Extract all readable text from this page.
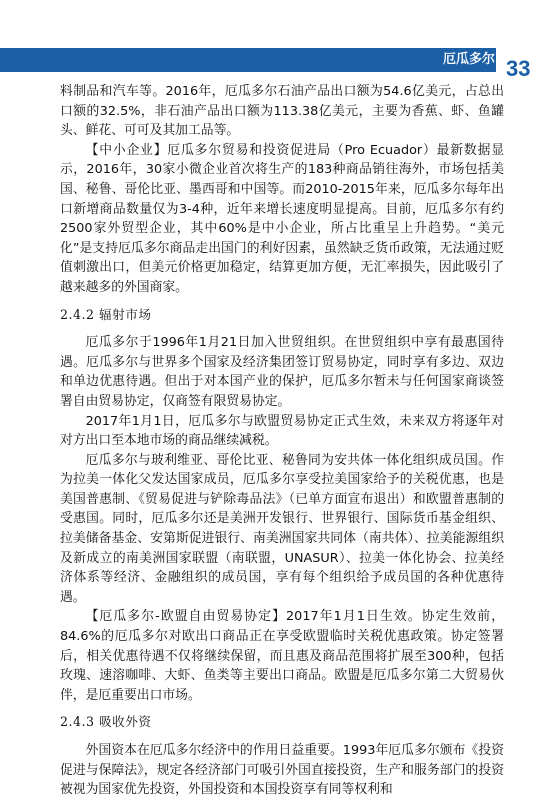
厄瓜多尔 33

料制品和汽车等。2016年，厄瓜多尔石油产品出口额为54.6亿美元，占总出口额的32.5%，非石油产品出口额为113.38亿美元，主要为香蕉、虾、鱼罐头、鲜花、可可及其加工品等。

【中小企业】厄瓜多尔贸易和投资促进局（Pro Ecuador）最新数据显示，2016年，30家小微企业首次将生产的183种商品销往海外，市场包括美国、秘鲁、哥伦比亚、墨西哥和中国等。而2010-2015年来，厄瓜多尔每年出口新增商品数量仅为3-4种，近年来增长速度明显提高。目前，厄瓜多尔有约2500家外贸型企业，其中60%是中小企业，所占比重呈上升趋势。“美元化”是支持厄瓜多尔商品走出国门的利好因素，虽然缺乏货币政策，无法通过贬值刺激出口，但美元价格更加稳定，结算更加方便，无汇率损失，因此吸引了越来越多的外国商家。

2.4.2 辐射市场

厄瓜多尔于1996年1月21日加入世贸组织。在世贸组织中享有最惠国待遇。厄瓜多尔与世界多个国家及经济集团签订贸易协定，同时享有多边、双边和单边优惠待遇。但出于对本国产业的保护，厄瓜多尔暂未与任何国家商谈签署自由贸易协定，仅商签有限贸易协定。

2017年1月1日，厄瓜多尔与欧盟贸易协定正式生效，未来双方将逐年对对方出口至本地市场的商品继续减税。

厄瓜多尔与玻利维亚、哥伦比亚、秘鲁同为安共体一体化组织成员国。作为拉美一体化父发达国家成员，厄瓜多尔享受拉美国家给予的关税优惠，也是美国普惠制、《贸易促进与铲除毒品法》（已单方面宣布退出）和欧盟普惠制的受惠国。同时，厄瓜多尔还是美洲开发银行、世界银行、国际货币基金组织、拉美储备基金、安第斯促进银行、南美洲国家共同体（南共体）、拉美能源组织及新成立的南美洲国家联盟（南联盟，UNASUR）、拉美一体化协会、拉美经济体系等经济、金融组织的成员国，享有每个组织给予成员国的各种优惠待遇。

【厄瓜多尔-欧盟自由贸易协定】2017年1月1日生效。协定生效前，84.6%的厄瓜多尔对欧出口商品正在享受欧盟临时关税优惠政策。协定签署后，相关优惠待遇不仅将继续保留，而且惠及商品范围将扩展至300种，包括玫瑰、速溶咖啡、大虾、鱼类等主要出口商品。欧盟是厄瓜多尔第二大贸易伙伴，是厄重要出口市场。

2.4.3 吸收外资

外国资本在厄瓜多尔经济中的作用日益重要。1993年厄瓜多尔颁布《投资促进与保障法》，规定各经济部门可吸引外国直接投资，生产和服务部门的投资被视为国家优先投资，外国投资和本国投资享有同等权利和
